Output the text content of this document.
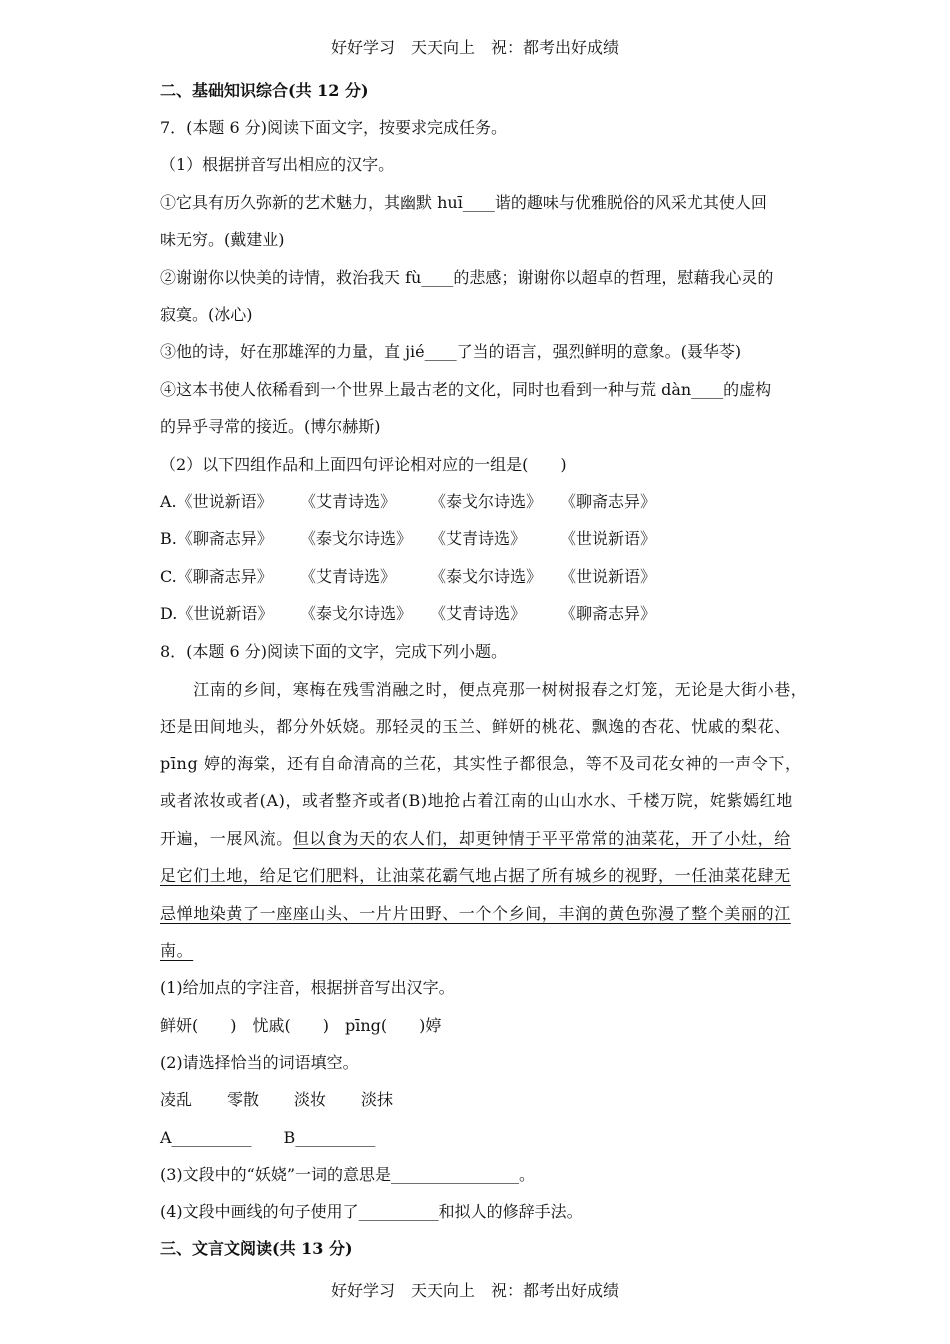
好好学习　天天向上　祝：都考出好成绩
二、基础知识综合(共 12 分)
7．(本题 6 分)阅读下面文字，按要求完成任务。
（1）根据拼音写出相应的汉字。
①它具有历久弥新的艺术魅力，其幽默 huī____谐的趣味与优雅脱俗的风采尤其使人回
味无穷。(戴建业)
②谢谢你以快美的诗情，救治我天 fù____的悲感；谢谢你以超卓的哲理，慰藉我心灵的
寂寞。(冰心)
③他的诗，好在那雄浑的力量，直 jié____了当的语言，强烈鲜明的意象。(聂华苓)
④这本书使人依稀看到一个世界上最古老的文化，同时也看到一种与荒 dàn____的虚构
的异乎寻常的接近。(博尔赫斯)
（2）以下四组作品和上面四句评论相对应的一组是(　　)
A.《世说新语》 《艾青诗选》 《泰戈尔诗选》 《聊斋志异》
B.《聊斋志异》 《泰戈尔诗选》 《艾青诗选》 《世说新语》
C.《聊斋志异》 《艾青诗选》 《泰戈尔诗选》 《世说新语》
D.《世说新语》 《泰戈尔诗选》 《艾青诗选》 《聊斋志异》
8．(本题 6 分)阅读下面的文字，完成下列小题。
　　江南的乡间，寒梅在残雪消融之时，便点亮那一树树报春之灯笼，无论是大街小巷，
还是田间地头，都分外妖娆。那轻灵的玉兰、鲜妍的桃花、飘逸的杏花、忧戚的梨花、
pīng 婷的海棠，还有自命清高的兰花，其实性子都很急，等不及司花女神的一声令下，
或者浓妆或者(A)，或者整齐或者(B)地抢占着江南的山山水水、千楼万院，姹紫嫣红地
开遍，一展风流。但以食为天的农人们，却更钟情于平平常常的油菜花，开了小灶，给
足它们土地，给足它们肥料，让油菜花霸气地占据了所有城乡的视野，一任油菜花肆无
忌惮地染黄了一座座山头、一片片田野、一个个乡间，丰润的黄色弥漫了整个美丽的江
南。
(1)给加点的字注音，根据拼音写出汉字。
鲜妍(　　)　忧戚(　　)　pīng(　　)婷
(2)请选择恰当的词语填空。
凌乱 零散 淡妆 淡抹
A__________　　B__________
(3)文段中的“妖娆”一词的意思是________________。
(4)文段中画线的句子使用了__________和拟人的修辞手法。
三、文言文阅读(共 13 分)
好好学习　天天向上　祝：都考出好成绩
